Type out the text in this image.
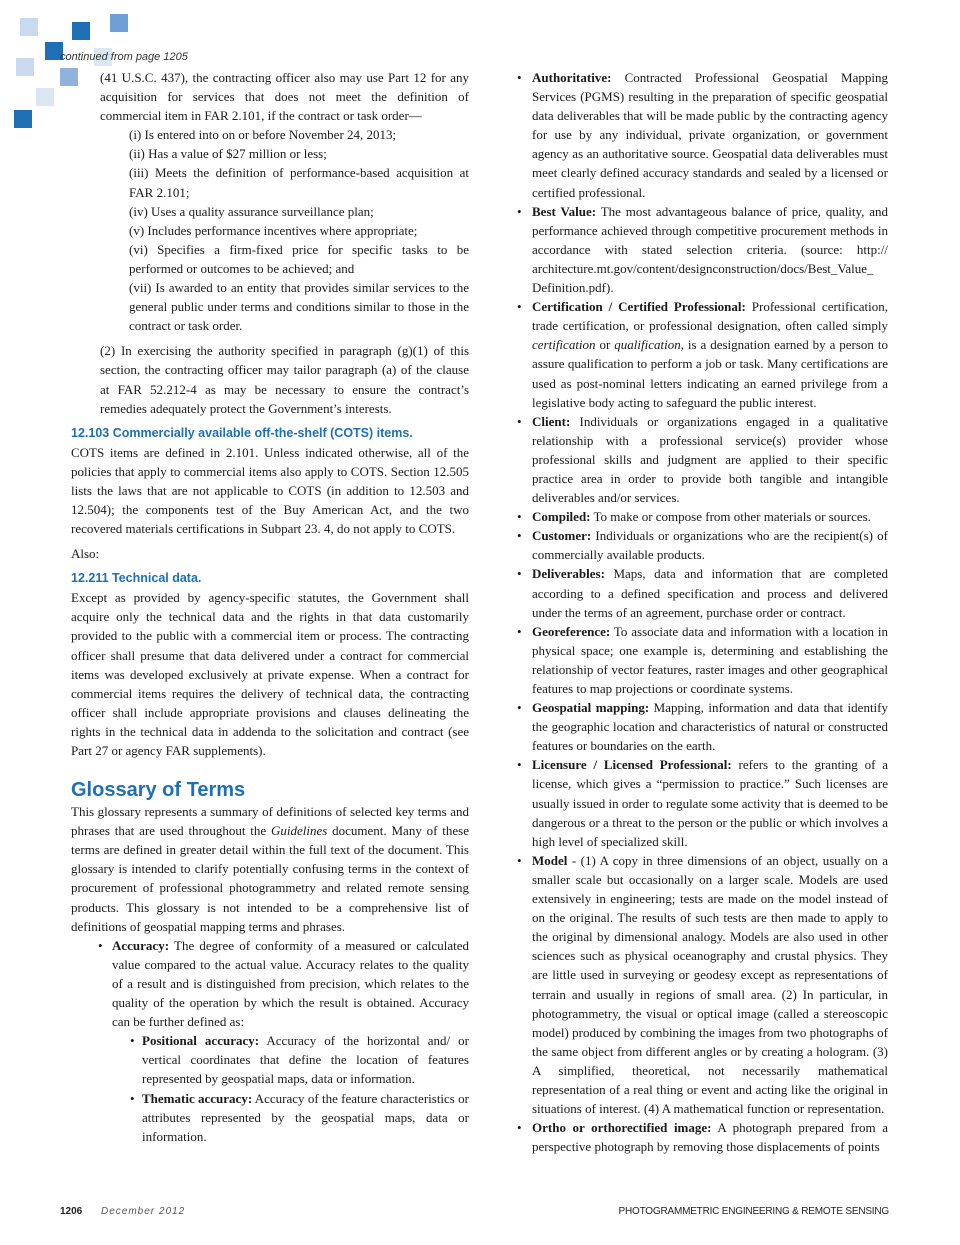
continued from page 1205

(41 U.S.C. 437), the contracting officer also may use Part 12 for any acquisition for services that does not meet the definition of commercial item in FAR 2.101, if the contract or task order—

(i) Is entered into on or before November 24, 2013;

(ii) Has a value of $27 million or less;

(iii) Meets the definition of performance-based acquisition at FAR 2.101;

(iv) Uses a quality assurance surveillance plan;

(v) Includes performance incentives where appropriate;

(vi) Specifies a firm-fixed price for specific tasks to be performed or outcomes to be achieved; and

(vii) Is awarded to an entity that provides similar services to the general public under terms and conditions similar to those in the contract or task order.

(2) In exercising the authority specified in paragraph (g)(1) of this section, the contracting officer may tailor paragraph (a) of the clause at FAR 52.212-4 as may be necessary to ensure the contract’s remedies adequately protect the Government’s interests.

12.103 Commercially available off-the-shelf (COTS) items.

COTS items are defined in 2.101. Unless indicated otherwise, all of the policies that apply to commercial items also apply to COTS. Section 12.505 lists the laws that are not applicable to COTS (in addition to 12.503 and 12.504); the components test of the Buy American Act, and the two recovered materials certifications in Subpart 23. 4, do not apply to COTS.

Also:

12.211 Technical data.

Except as provided by agency-specific statutes, the Government shall acquire only the technical data and the rights in that data customarily provided to the public with a commercial item or process. The contracting officer shall presume that data delivered under a contract for commercial items was developed exclusively at private expense. When a contract for commercial items requires the delivery of technical data, the contracting officer shall include appropriate provisions and clauses delineating the rights in the technical data in addenda to the solicitation and contract (see Part 27 or agency FAR supplements).

Glossary of Terms

This glossary represents a summary of definitions of selected key terms and phrases that are used throughout the Guidelines document. Many of these terms are defined in greater detail within the full text of the document. This glossary is intended to clarify potentially confusing terms in the context of procurement of professional photogrammetry and related remote sensing products. This glossary is not intended to be a comprehensive list of definitions of geospatial mapping terms and phrases.

• Accuracy: The degree of conformity of a measured or calculated value compared to the actual value. Accuracy relates to the quality of a result and is distinguished from precision, which relates to the quality of the operation by which the result is obtained. Accuracy can be further defined as:
• Positional accuracy: Accuracy of the horizontal and/ or vertical coordinates that define the location of features represented by geospatial maps, data or information.
• Thematic accuracy: Accuracy of the feature characteristics or attributes represented by the geospatial maps, data or information.
• Authoritative: Contracted Professional Geospatial Mapping Services (PGMS) resulting in the preparation of specific geospatial data deliverables that will be made public by the contracting agency for use by any individual, private organization, or government agency as an authoritative source. Geospatial data deliverables must meet clearly defined accuracy standards and sealed by a licensed or certified professional.
• Best Value: The most advantageous balance of price, quality, and performance achieved through competitive procurement methods in accordance with stated selection criteria. (source: http:// architecture.mt.gov/content/designconstruction/docs/Best_Value_ Definition.pdf).
• Certification / Certified Professional: Professional certification, trade certification, or professional designation, often called simply certification or qualification, is a designation earned by a person to assure qualification to perform a job or task. Many certifications are used as post-nominal letters indicating an earned privilege from a legislative body acting to safeguard the public interest.
• Client: Individuals or organizations engaged in a qualitative relationship with a professional service(s) provider whose professional skills and judgment are applied to their specific practice area in order to provide both tangible and intangible deliverables and/or services.
• Compiled: To make or compose from other materials or sources.
• Customer: Individuals or organizations who are the recipient(s) of commercially available products.
• Deliverables: Maps, data and information that are completed according to a defined specification and process and delivered under the terms of an agreement, purchase order or contract.
• Georeference: To associate data and information with a location in physical space; one example is, determining and establishing the relationship of vector features, raster images and other geographical features to map projections or coordinate systems.
• Geospatial mapping: Mapping, information and data that identify the geographic location and characteristics of natural or constructed features or boundaries on the earth.
• Licensure / Licensed Professional: refers to the granting of a license, which gives a “permission to practice.” Such licenses are usually issued in order to regulate some activity that is deemed to be dangerous or a threat to the person or the public or which involves a high level of specialized skill.
• Model - (1) A copy in three dimensions of an object, usually on a smaller scale but occasionally on a larger scale. Models are used extensively in engineering; tests are made on the model instead of on the original. The results of such tests are then made to apply to the original by dimensional analogy. Models are also used in other sciences such as physical oceanography and crustal physics. They are little used in surveying or geodesy except as representations of terrain and usually in regions of small area. (2) In particular, in photogrammetry, the visual or optical image (called a stereoscopic model) produced by combining the images from two photographs of the same object from different angles or by creating a hologram. (3) A simplified, theoretical, not necessarily mathematical representation of a real thing or event and acting like the original in situations of interest. (4) A mathematical function or representation.
• Ortho or orthorectified image: A photograph prepared from a perspective photograph by removing those displacements of points
1206 December 2012	PHOTOGRAMMETRIC ENGINEERING & REMOTE SENSING
